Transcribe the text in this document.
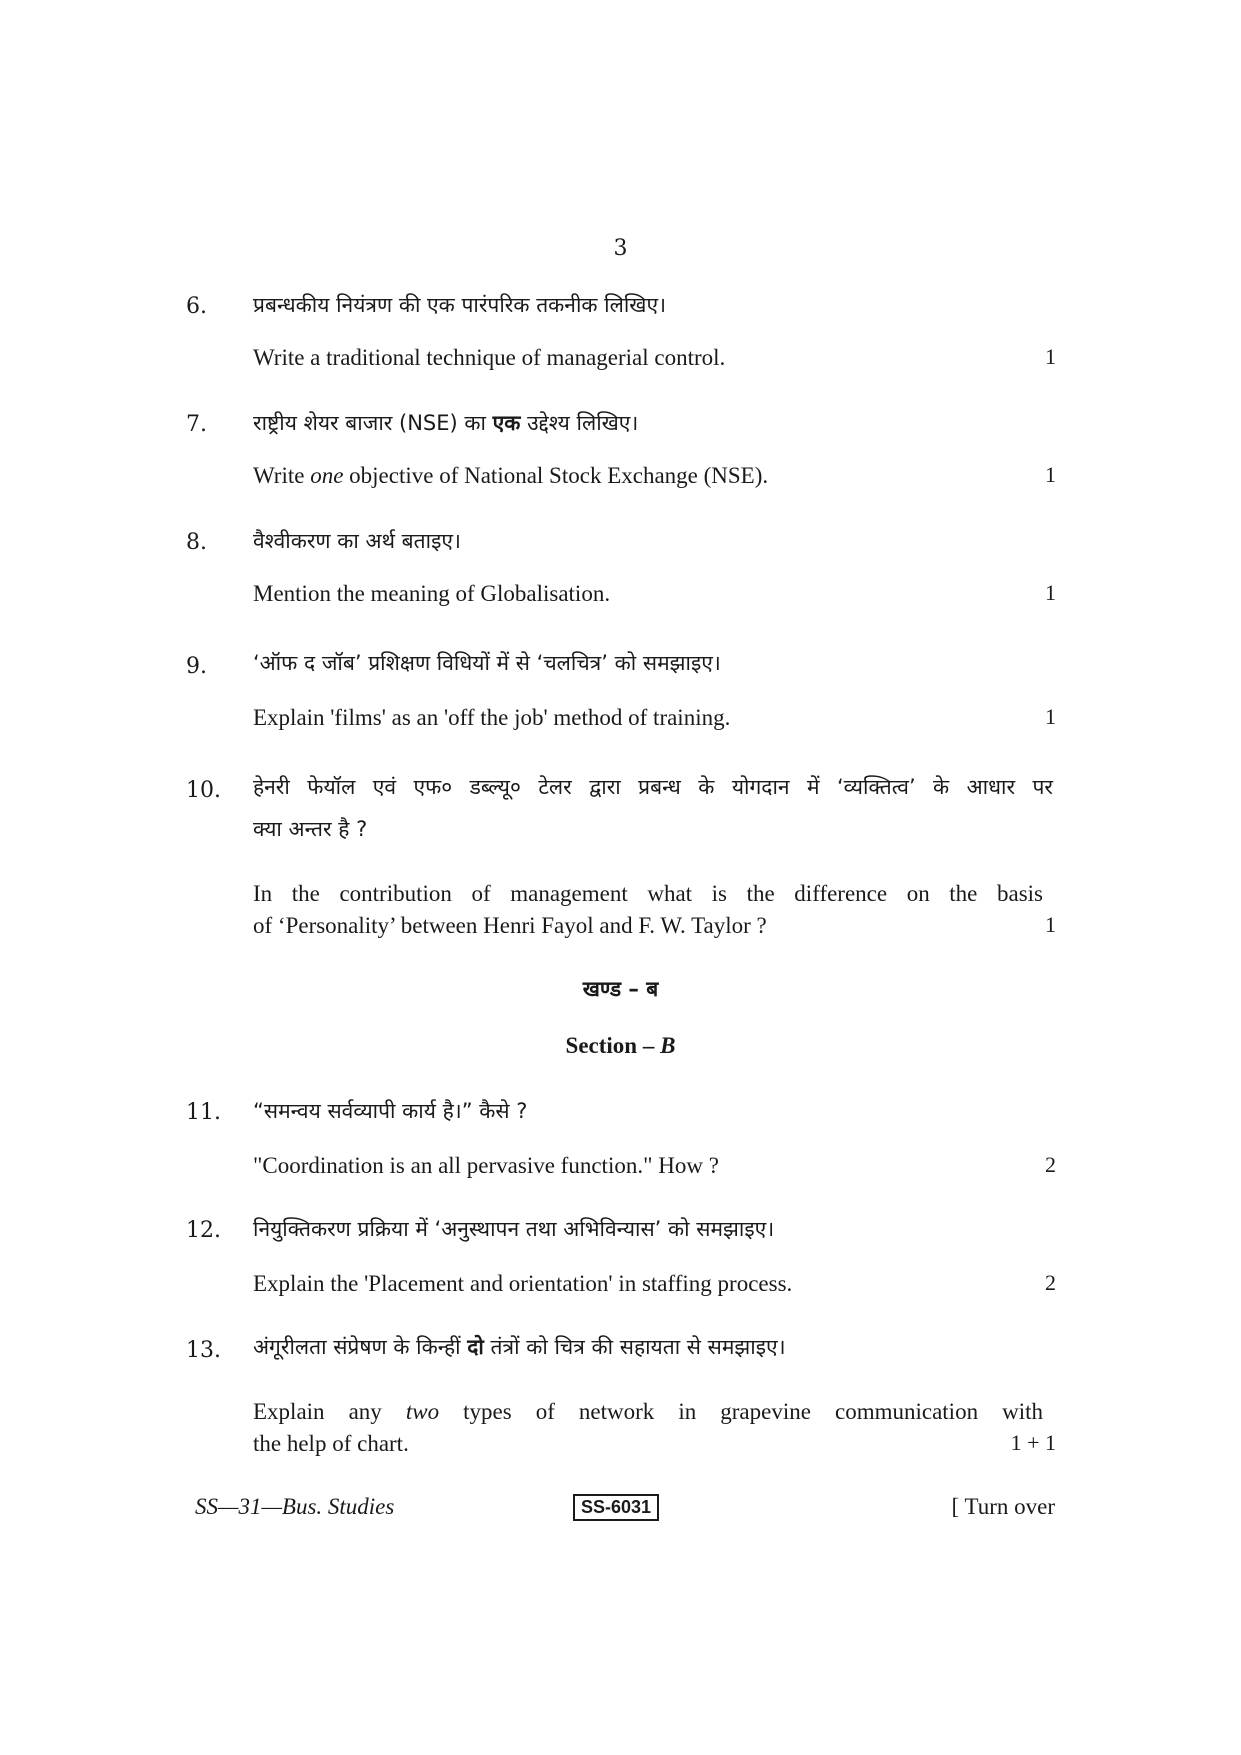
3
6.	प्रबन्धकीय नियंत्रण की एक पारंपरिक तकनीक लिखिए।
Write a traditional technique of managerial control.	1
7.	राष्ट्रीय शेयर बाजार (NSE) का एक उद्देश्य लिखिए।
Write one objective of National Stock Exchange (NSE).	1
8.	वैश्वीकरण का अर्थ बताइए।
Mention the meaning of Globalisation.	1
9.	‘ऑफ द जॉब’ प्रशिक्षण विधियों में से ‘चलचित्र’ को समझाइए।
Explain 'films' as an 'off the job' method of training.	1
10.	हेनरी फेयॉल एवं एफ० डब्ल्यू० टेलर द्वारा प्रबन्ध के योगदान में ‘व्यक्तित्व’ के आधार पर
क्या अन्तर है ?
In the contribution of management what is the difference on the basis
of ‘Personality’ between Henri Fayol and F. W. Taylor ?	1
खण्ड – ब
Section – B
11.	“समन्वय सर्वव्यापी कार्य है।” कैसे ?
"Coordination is an all pervasive function." How ?	2
12.	नियुक्तिकरण प्रक्रिया में ‘अनुस्थापन तथा अभिविन्यास’ को समझाइए।
Explain the 'Placement and orientation' in staffing process.	2
13.	अंगूरीलता संप्रेषण के किन्हीं दो तंत्रों को चित्र की सहायता से समझाइए।
Explain any two types of network in grapevine communication with
the help of chart.	1 + 1
SS—31—Bus. Studies	SS-6031	[ Turn over
